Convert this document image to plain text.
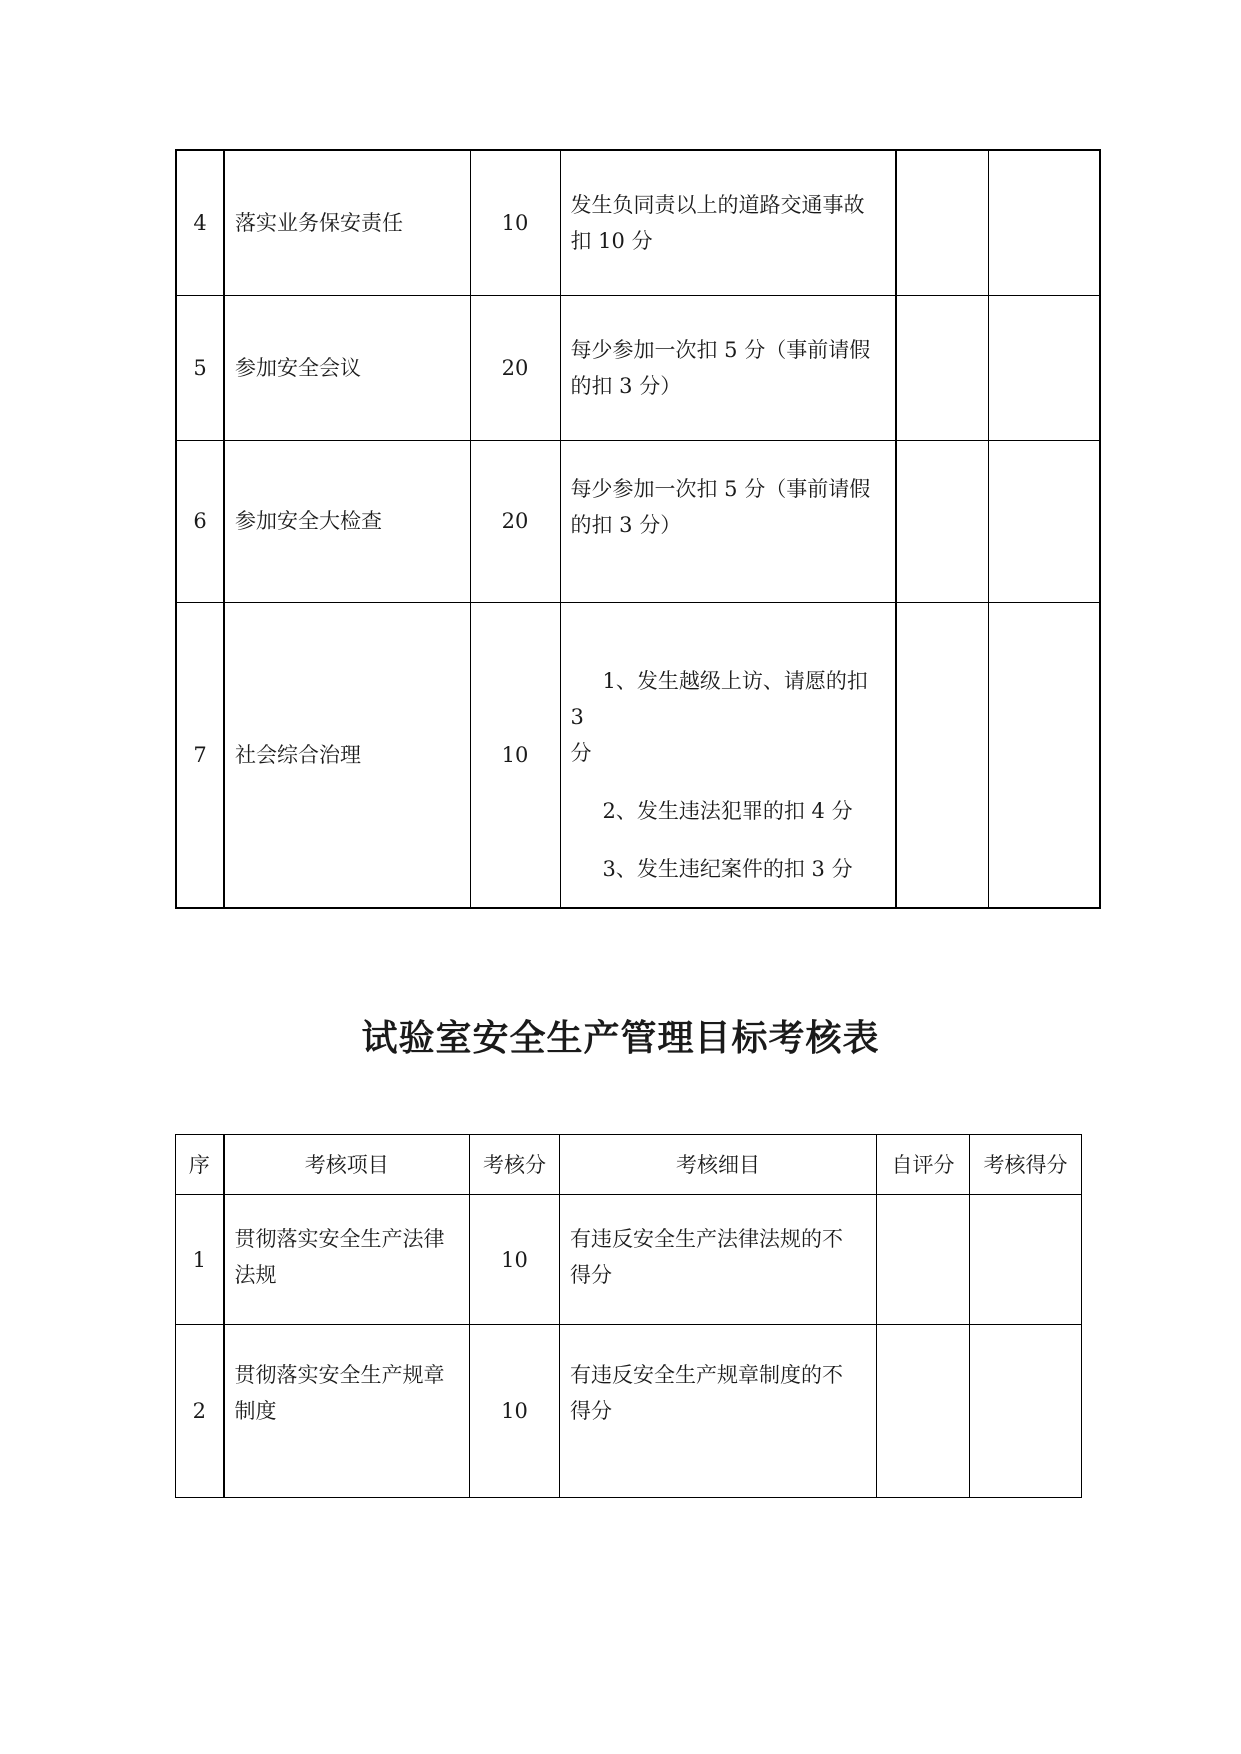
4	落实业务保安责任	10	发生负同责以上的道路交通事故
扣 10 分		

5	参加安全会议	20	每少参加一次扣 5 分（事前请假
的扣 3 分）		

6	参加安全大检查	20	每少参加一次扣 5 分（事前请假
的扣 3 分）		

7	社会综合治理	10	1、发生越级上访、请愿的扣 3
分
2、发生违法犯罪的扣 4 分
3、发生违纪案件的扣 3 分		

试验室安全生产管理目标考核表
序	考核项目	考核分	考核细目	自评分	考核得分
1	贯彻落实安全生产法律
法规	10	有违反安全生产法律法规的不
得分		

2	贯彻落实安全生产规章
制度	10	有违反安全生产规章制度的不
得分		
